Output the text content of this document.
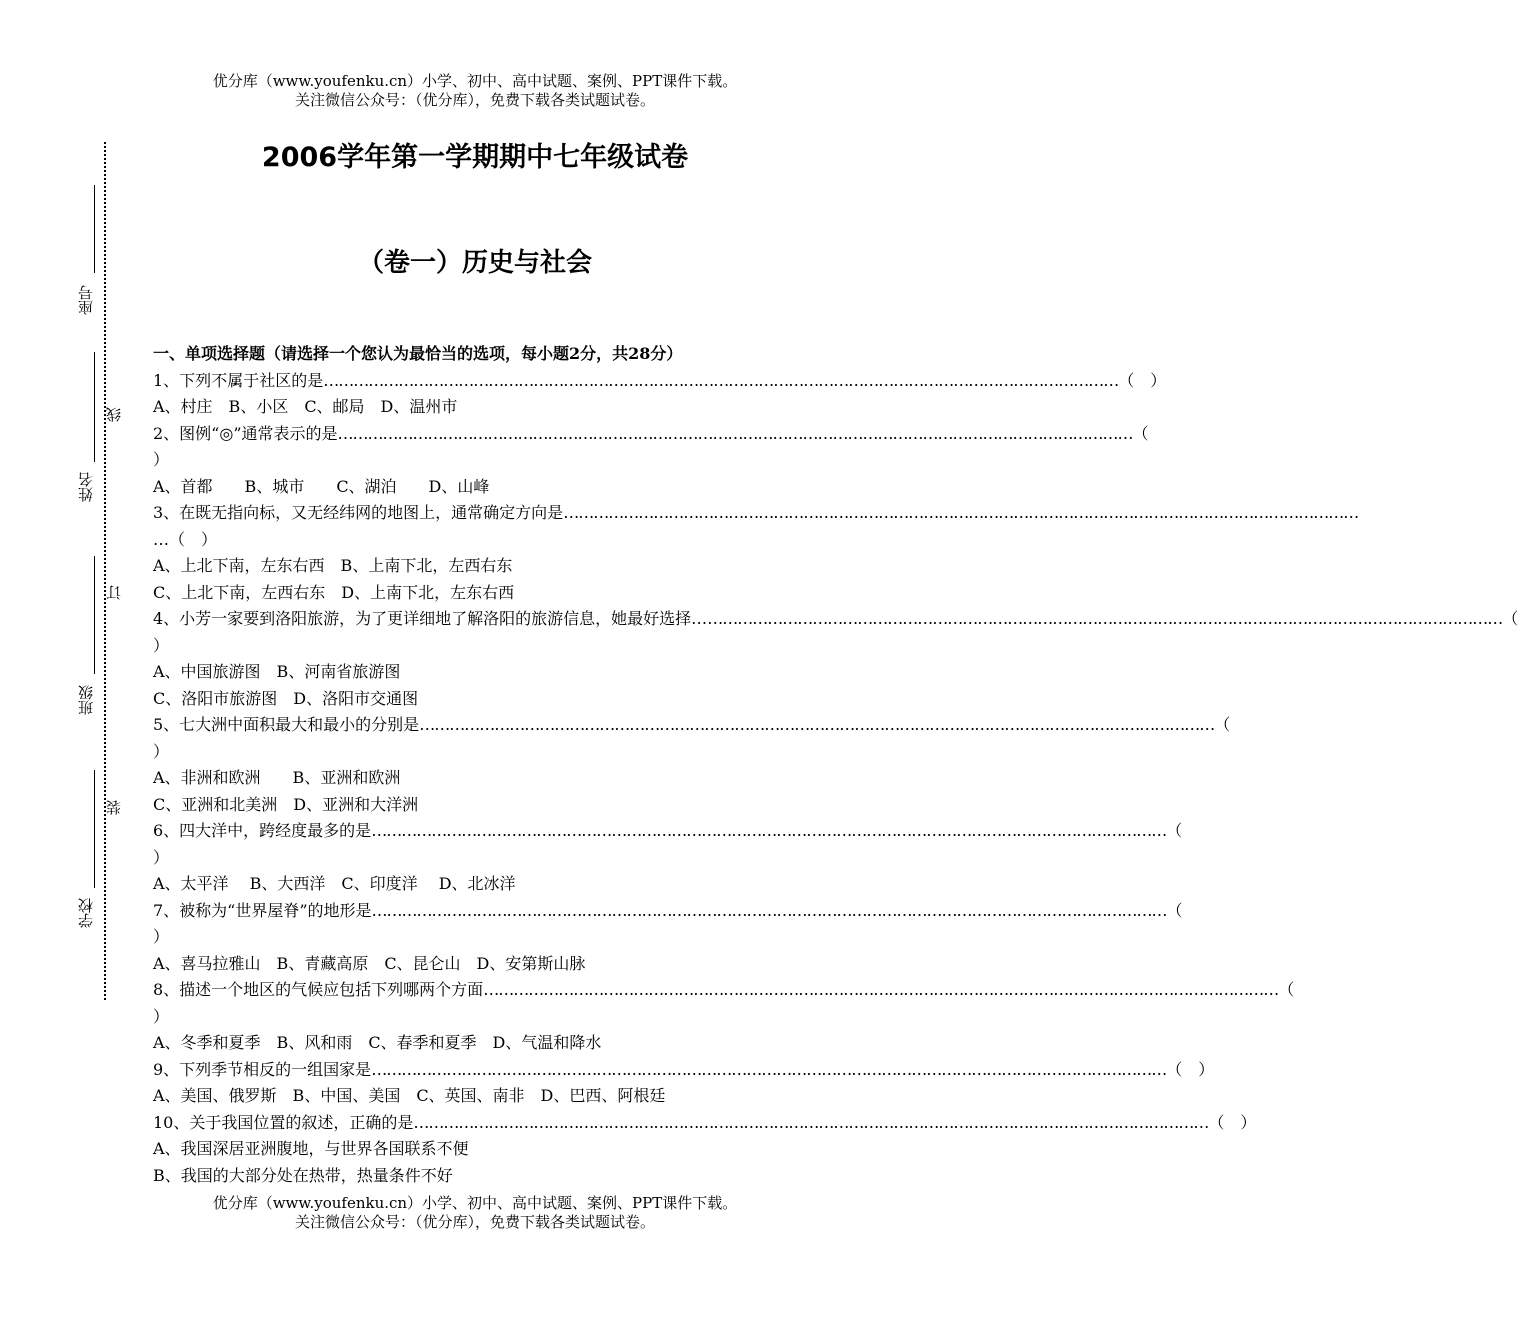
优分库（www.youfenku.cn）小学、初中、高中试题、案例、PPT课件下载。
关注微信公众号：（优分库），免费下载各类试题试卷。
2006学年第一学期期中七年级试卷
（卷一）历史与社会
座号
姓名
班级
学校
线
订
装
一、单项选择题（请选择一个您认为最恰当的选项，每小题2分，共28分）
1、下列不属于社区的是 …………………………………………………………………………………………………………………………………………… （　）
A、村庄　B、小区　C、邮局　D、温州市
2、图例“◎”通常表示的是 …………………………………………………………………………………………………………………………………………… （
）
A、首都　　B、城市　　C、湖泊　　D、山峰
3、在既无指向标，又无经纬网的地图上，通常确定方向是 ……………………………………………………………………………………………………………………………………………
…（　）
A、上北下南，左东右西　B、上南下北，左西右东
C、上北下南，左西右东　D、上南下北，左东右西
4、小芳一家要到洛阳旅游，为了更详细地了解洛阳的旅游信息，她最好选择… …………………………………………………………………………………………………………………………………………… （
）
A、中国旅游图　B、河南省旅游图
C、洛阳市旅游图　D、洛阳市交通图
5、七大洲中面积最大和最小的分别是 …………………………………………………………………………………………………………………………………………… （
）
A、非洲和欧洲　　B、亚洲和欧洲
C、亚洲和北美洲　D、亚洲和大洋洲
6、四大洋中，跨经度最多的是 …………………………………………………………………………………………………………………………………………… （
）
A、太平洋　 B、大西洋　C、印度洋　 D、北冰洋
7、被称为“世界屋脊”的地形是 …………………………………………………………………………………………………………………………………………… （
）
A、喜马拉雅山　B、青藏高原　C、昆仑山　D、安第斯山脉
8、描述一个地区的气候应包括下列哪两个方面 …………………………………………………………………………………………………………………………………………… （
）
A、冬季和夏季　B、风和雨　C、春季和夏季　D、气温和降水
9、下列季节相反的一组国家是 …………………………………………………………………………………………………………………………………………… （　）
A、美国、俄罗斯　B、中国、美国　C、英国、南非　D、巴西、阿根廷
10、关于我国位置的叙述，正确的是 …………………………………………………………………………………………………………………………………………… （　）
A、我国深居亚洲腹地，与世界各国联系不便
B、我国的大部分处在热带，热量条件不好
优分库（www.youfenku.cn）小学、初中、高中试题、案例、PPT课件下载。
关注微信公众号：（优分库），免费下载各类试题试卷。
